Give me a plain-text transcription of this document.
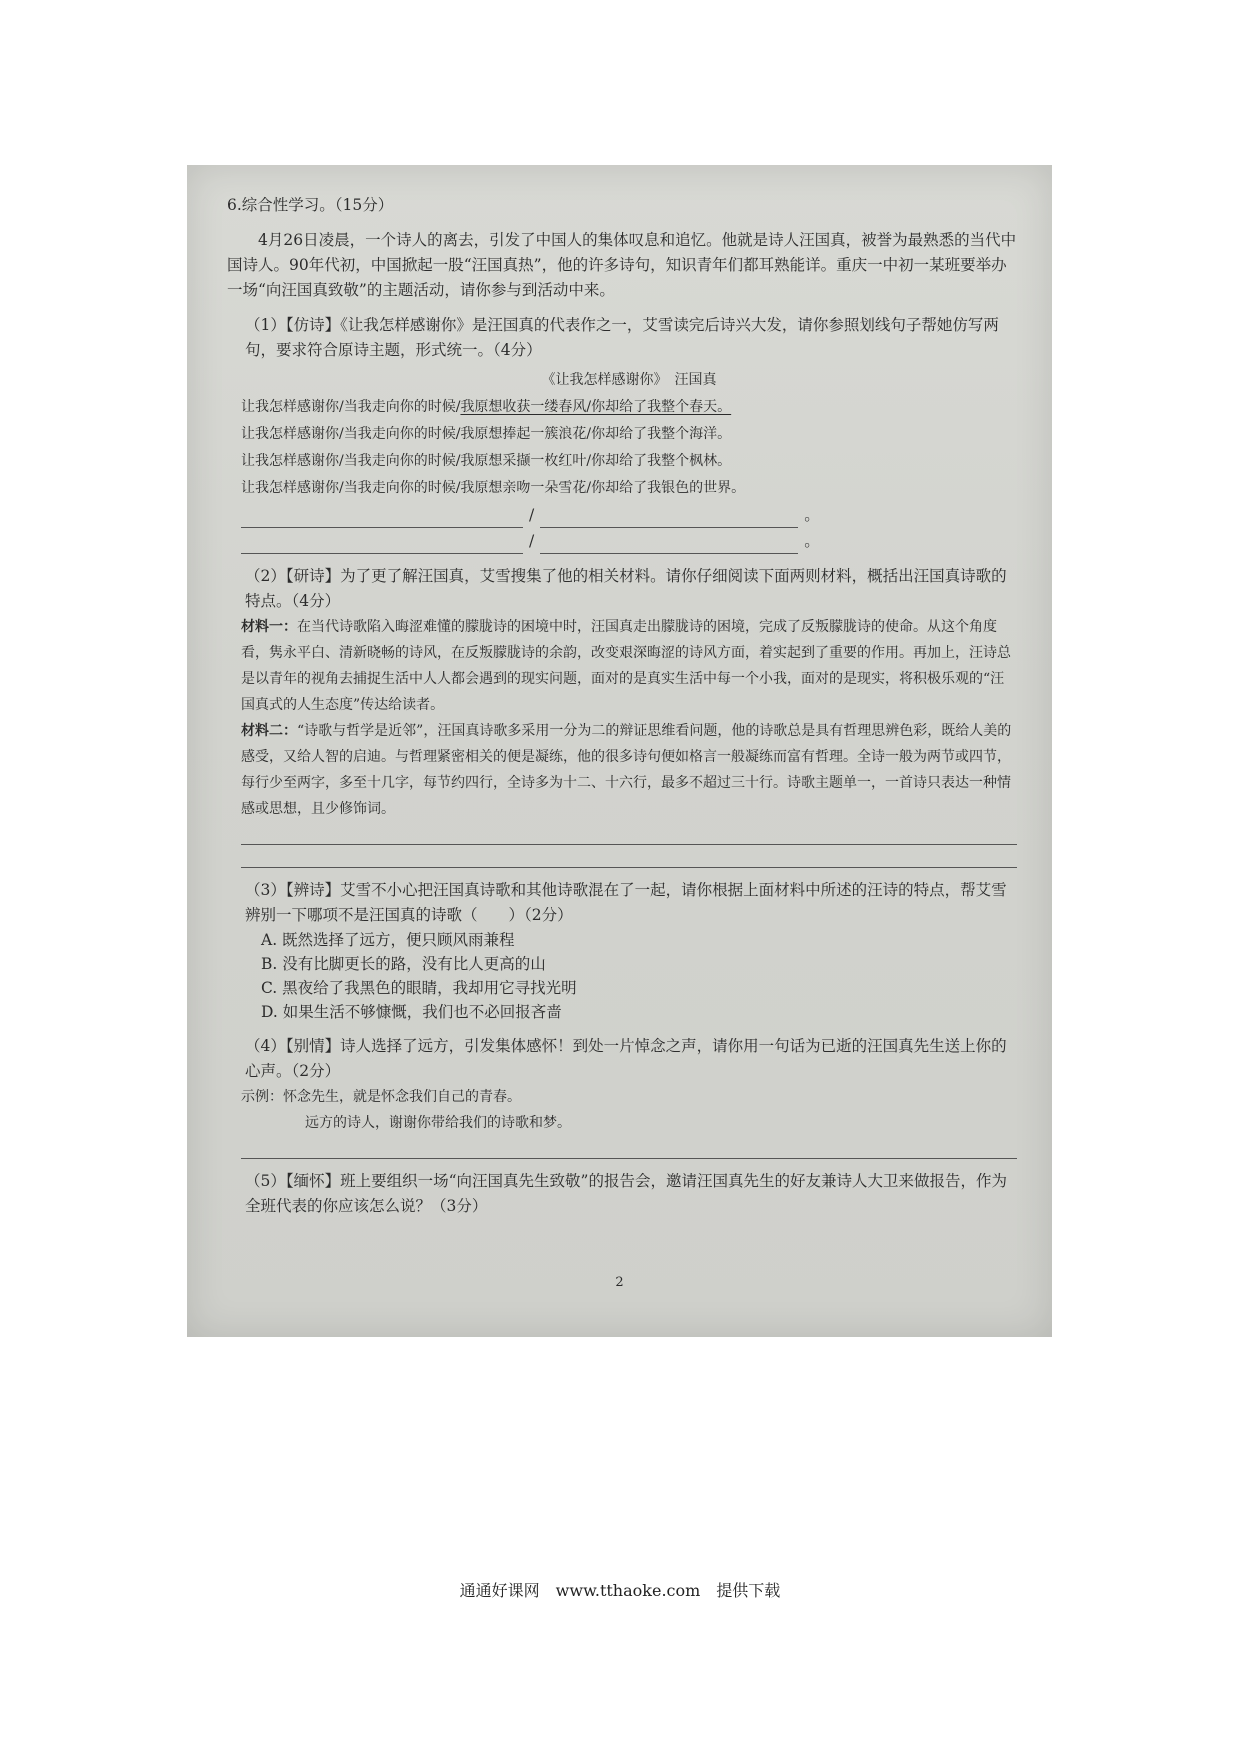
6.综合性学习。（15分）

4月26日凌晨，一个诗人的离去，引发了中国人的集体叹息和追忆。他就是诗人汪国真，被誉为最熟悉的当代中国诗人。90年代初，中国掀起一股“汪国真热”，他的许多诗句，知识青年们都耳熟能详。重庆一中初一某班要举办一场“向汪国真致敬”的主题活动，请你参与到活动中来。

（1）【仿诗】《让我怎样感谢你》是汪国真的代表作之一，艾雪读完后诗兴大发，请你参照划线句子帮她仿写两句，要求符合原诗主题，形式统一。（4分）

《让我怎样感谢你》　汪国真
让我怎样感谢你/当我走向你的时候/我原想收获一缕春风/你却给了我整个春天。
让我怎样感谢你/当我走向你的时候/我原想捧起一簇浪花/你却给了我整个海洋。
让我怎样感谢你/当我走向你的时候/我原想采撷一枚红叶/你却给了我整个枫林。
让我怎样感谢你/当我走向你的时候/我原想亲吻一朵雪花/你却给了我银色的世界。
/	。
/	。

（2）【研诗】为了更了解汪国真，艾雪搜集了他的相关材料。请你仔细阅读下面两则材料，概括出汪国真诗歌的特点。（4分）

材料一：在当代诗歌陷入晦涩难懂的朦胧诗的困境中时，汪国真走出朦胧诗的困境，完成了反叛朦胧诗的使命。从这个角度看，隽永平白、清新晓畅的诗风，在反叛朦胧诗的余韵，改变艰深晦涩的诗风方面，着实起到了重要的作用。再加上，汪诗总是以青年的视角去捕捉生活中人人都会遇到的现实问题，面对的是真实生活中每一个小我，面对的是现实，将积极乐观的“汪国真式的人生态度”传达给读者。
材料二：“诗歌与哲学是近邻”，汪国真诗歌多采用一分为二的辩证思维看问题，他的诗歌总是具有哲理思辨色彩，既给人美的感受，又给人智的启迪。与哲理紧密相关的便是凝练，他的很多诗句便如格言一般凝练而富有哲理。全诗一般为两节或四节，每行少至两字，多至十几字，每节约四行，全诗多为十二、十六行，最多不超过三十行。诗歌主题单一，一首诗只表达一种情感或思想，且少修饰词。

（3）【辨诗】艾雪不小心把汪国真诗歌和其他诗歌混在了一起，请你根据上面材料中所述的汪诗的特点，帮艾雪辨别一下哪项不是汪国真的诗歌（　　）（2分）

A. 既然选择了远方，便只顾风雨兼程
B. 没有比脚更长的路，没有比人更高的山
C. 黑夜给了我黑色的眼睛，我却用它寻找光明
D. 如果生活不够慷慨，我们也不必回报吝啬

（4）【别情】诗人选择了远方，引发集体感怀！到处一片悼念之声，请你用一句话为已逝的汪国真先生送上你的心声。（2分）

示例：怀念先生，就是怀念我们自己的青春。
远方的诗人，谢谢你带给我们的诗歌和梦。

（5）【缅怀】班上要组织一场“向汪国真先生致敬”的报告会，邀请汪国真先生的好友兼诗人大卫来做报告，作为全班代表的你应该怎么说？（3分）

2
通通好课网　www.tthaoke.com　提供下载
